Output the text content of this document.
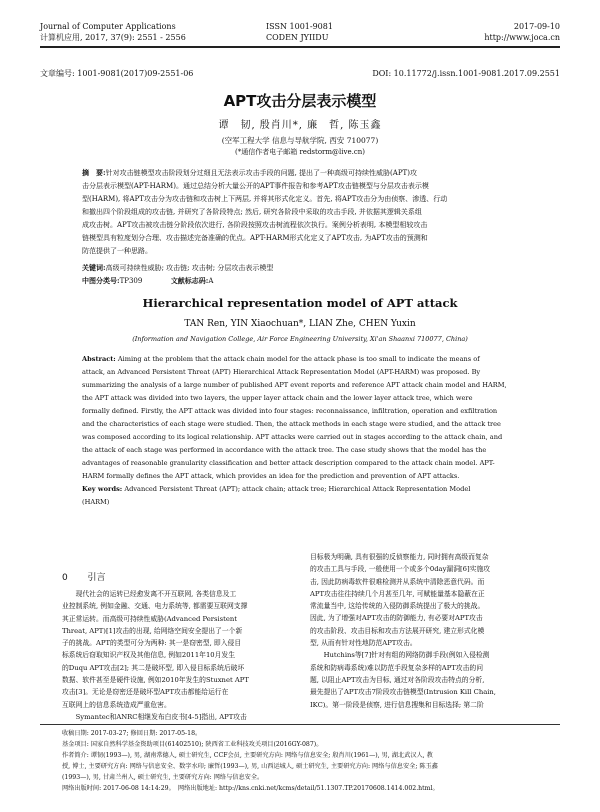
Journal of Computer Applications
计算机应用, 2017, 37(9): 2551 - 2556
ISSN 1001-9081
CODEN JYIIDU
2017-09-10
http://www.joca.cn
文章编号: 1001-9081(2017)09-2551-06	DOI: 10.11772/j.issn.1001-9081.2017.09.2551
APT攻击分层表示模型
谭　韧, 殷肖川*, 廉　哲, 陈玉鑫
(空军工程大学 信息与导航学院, 西安 710077)
(*通信作者电子邮箱 redstorm@live.cn)
摘　要:针对攻击链模型攻击阶段划分过细且无法表示攻击手段的问题, 提出了一种高级可持续性威胁(APT)攻
击分层表示模型(APT-HARM)。通过总结分析大量公开的APT事件报告和参考APT攻击链模型与分层攻击表示模
型(HARM), 将APT攻击分为攻击链和攻击树上下两层, 并将其形式化定义。首先, 将APT攻击分为由侦察、渗透、行动
和撤出四个阶段组成的攻击链, 并研究了各阶段特点; 然后, 研究各阶段中采取的攻击手段, 并依据其逻辑关系组
成攻击树。APT攻击被攻击链分阶段依次进行, 各阶段按照攻击树流程依次执行。案例分析表明, 本模型相较攻击
链模型具有粒度划分合理、攻击描述完备准确的优点。APT-HARM形式化定义了APT攻击, 为APT攻击的预测和
防范提供了一种思路。
关键词:高级可持续性威胁; 攻击链; 攻击树; 分层攻击表示模型
中图分类号:TP309	文献标志码:A
Hierarchical representation model of APT attack
TAN Ren, YIN Xiaochuan*, LIAN Zhe, CHEN Yuxin
(Information and Navigation College, Air Force Engineering University, Xi'an Shaanxi 710077, China)
Abstract: Aiming at the problem that the attack chain model for the attack phase is too small to indicate the means of
attack, an Advanced Persistent Threat (APT) Hierarchical Attack Representation Model (APT-HARM) was proposed. By
summarizing the analysis of a large number of published APT event reports and reference APT attack chain model and HARM,
the APT attack was divided into two layers, the upper layer attack chain and the lower layer attack tree, which were
formally defined. Firstly, the APT attack was divided into four stages: reconnaissance, infiltration, operation and exfiltration
and the characteristics of each stage were studied. Then, the attack methods in each stage were studied, and the attack tree
was composed according to its logical relationship. APT attacks were carried out in stages according to the attack chain, and
the attack of each stage was performed in accordance with the attack tree. The case study shows that the model has the
advantages of reasonable granularity classification and better attack description compared to the attack chain model. APT-
HARM formally defines the APT attack, which provides an idea for the prediction and prevention of APT attacks.
Key words: Advanced Persistent Threat (APT); attack chain; attack tree; Hierarchical Attack Representation Model
(HARM)
0 引言
　　现代社会的运转已经愈发离不开互联网, 各类信息及工
业控制系统, 例如金融、交通、电力系统等, 都需要互联网支撑
其正常运转。而高级可持续性威胁(Advanced Persistent
Threat, APT)[1]攻击的出现, 给网络空间安全提出了一个新
子的挑战。APT的类型可分为两种: 其一是窃密型, 即入侵目
标系统后窃取知识产权及其他信息, 例如2011年10月发生
的Duqu APT攻击[2]; 其二是破坏型, 即入侵目标系统后破坏
数据、软件甚至是硬件设施, 例如2010年发生的Stuxnet APT
攻击[3]。无论是窃密还是破坏型APT攻击都能给运行在
互联网上的信息系统造成严重危害。
　　Symantec和ANRC相继发布白皮书[4-5]指出, APT攻击
目标极为明确, 具有很强的反侦察能力, 同时拥有高级而复杂
的攻击工具与手段, 一般使用一个或多个0day漏洞[6]实施攻
击, 因此防病毒软件很难检测并从系统中清除恶意代码。而
APT攻击往往持续几个月甚至几年, 可赋能量基本隐蔽在正
常流量当中, 这给传统的入侵防御系统提出了极大的挑战。
因此, 为了增强对APT攻击的防御能力, 有必要对APT攻击
的攻击阶段、攻击目标和攻击方法展开研究, 建立形式化模
型, 从而有针对性地防范APT攻击。
　　Hutchins等[7]针对有组的网络防御手段(例如入侵检测
系统和防病毒系统)难以防范手段复杂多样的APT攻击的问
题, 以阻止APT攻击为目标, 通过对各阶段攻击特点的分析,
最先提出了APT攻击7阶段攻击链模型(Intrusion Kill Chain,
IKC)。第一阶段是侦察, 进行信息搜集和目标选择; 第二阶
收稿日期: 2017-03-27; 修回日期: 2017-05-18。
基金项目: 国家自然科学基金资助项目(61402510); 陕西省工业科技攻关项目(2016GY-087)。
作者简介: 谭韧(1993—), 男, 湖南常德人, 硕士研究生, CCF会员, 主要研究方向: 网络与信息安全; 殷肖川(1961—), 男, 湖北武汉人, 教
授, 博士, 主要研究方向: 网络与信息安全、数字水印; 廉哲(1993—), 男, 山西运城人, 硕士研究生, 主要研究方向: 网络与信息安全; 陈玉鑫
(1993—), 男, 甘肃兰州人, 硕士研究生, 主要研究方向: 网络与信息安全。
网络出版时间: 2017-06-08 14:14:29。　网络出版地址: http://kns.cnki.net/kcms/detail/51.1307.TP.20170608.1414.002.html。
